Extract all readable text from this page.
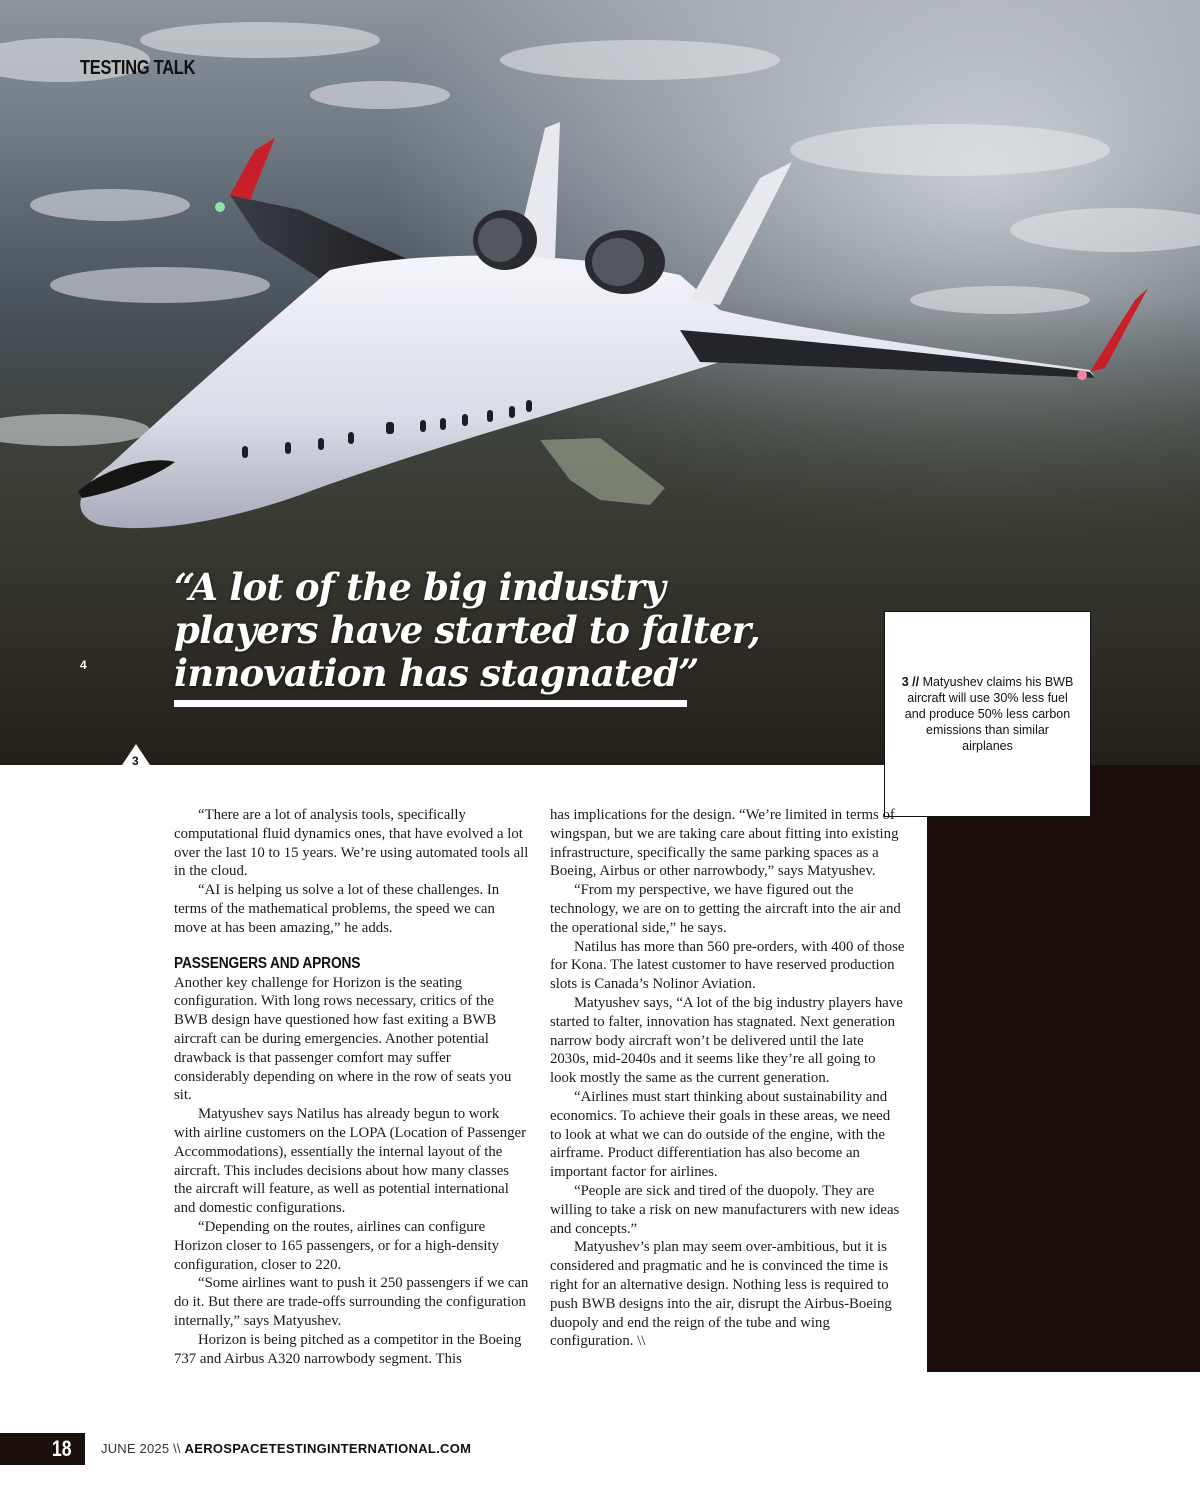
TESTING TALK
“A lot of the big industry players have started to falter, innovation has stagnated”
4
3
3 // Matyushev claims his BWB aircraft will use 30% less fuel and produce 50% less carbon emissions than similar airplanes

“There are a lot of analysis tools, specifically computational fluid dynamics ones, that have evolved a lot over the last 10 to 15 years. We’re using automated tools all in the cloud.

“AI is helping us solve a lot of these challenges. In terms of the mathematical problems, the speed we can move at has been amazing,” he adds.

PASSENGERS AND APRONS

Another key challenge for Horizon is the seating configuration. With long rows necessary, critics of the BWB design have questioned how fast exiting a BWB aircraft can be during emergencies. Another potential drawback is that passenger comfort may suffer considerably depending on where in the row of seats you sit.

Matyushev says Natilus has already begun to work with airline customers on the LOPA (Location of Passenger Accommodations), essentially the internal layout of the aircraft. This includes decisions about how many classes the aircraft will feature, as well as potential international and domestic configurations.

“Depending on the routes, airlines can configure Horizon closer to 165 passengers, or for a high-density configuration, closer to 220.

“Some airlines want to push it 250 passengers if we can do it. But there are trade-offs surrounding the configuration internally,” says Matyushev.

Horizon is being pitched as a competitor in the Boeing 737 and Airbus A320 narrowbody segment. This

has implications for the design. “We’re limited in terms of wingspan, but we are taking care about fitting into existing infrastructure, specifically the same parking spaces as a Boeing, Airbus or other narrowbody,” says Matyushev.

“From my perspective, we have figured out the technology, we are on to getting the aircraft into the air and the operational side,” he says.

Natilus has more than 560 pre-orders, with 400 of those for Kona. The latest customer to have reserved production slots is Canada’s Nolinor Aviation.

Matyushev says, “A lot of the big industry players have started to falter, innovation has stagnated. Next generation narrow body aircraft won’t be delivered until the late 2030s, mid-2040s and it seems like they’re all going to look mostly the same as the current generation.

“Airlines must start thinking about sustainability and economics. To achieve their goals in these areas, we need to look at what we can do outside of the engine, with the airframe. Product differentiation has also become an important factor for airlines.

“People are sick and tired of the duopoly. They are willing to take a risk on new manufacturers with new ideas and concepts.”

Matyushev’s plan may seem over-ambitious, but it is considered and pragmatic and he is convinced the time is right for an alternative design. Nothing less is required to push BWB designs into the air, disrupt the Airbus-Boeing duopoly and end the reign of the tube and wing configuration. \\

18 JUNE 2025 \\ AEROSPACETESTINGINTERNATIONAL.COM
